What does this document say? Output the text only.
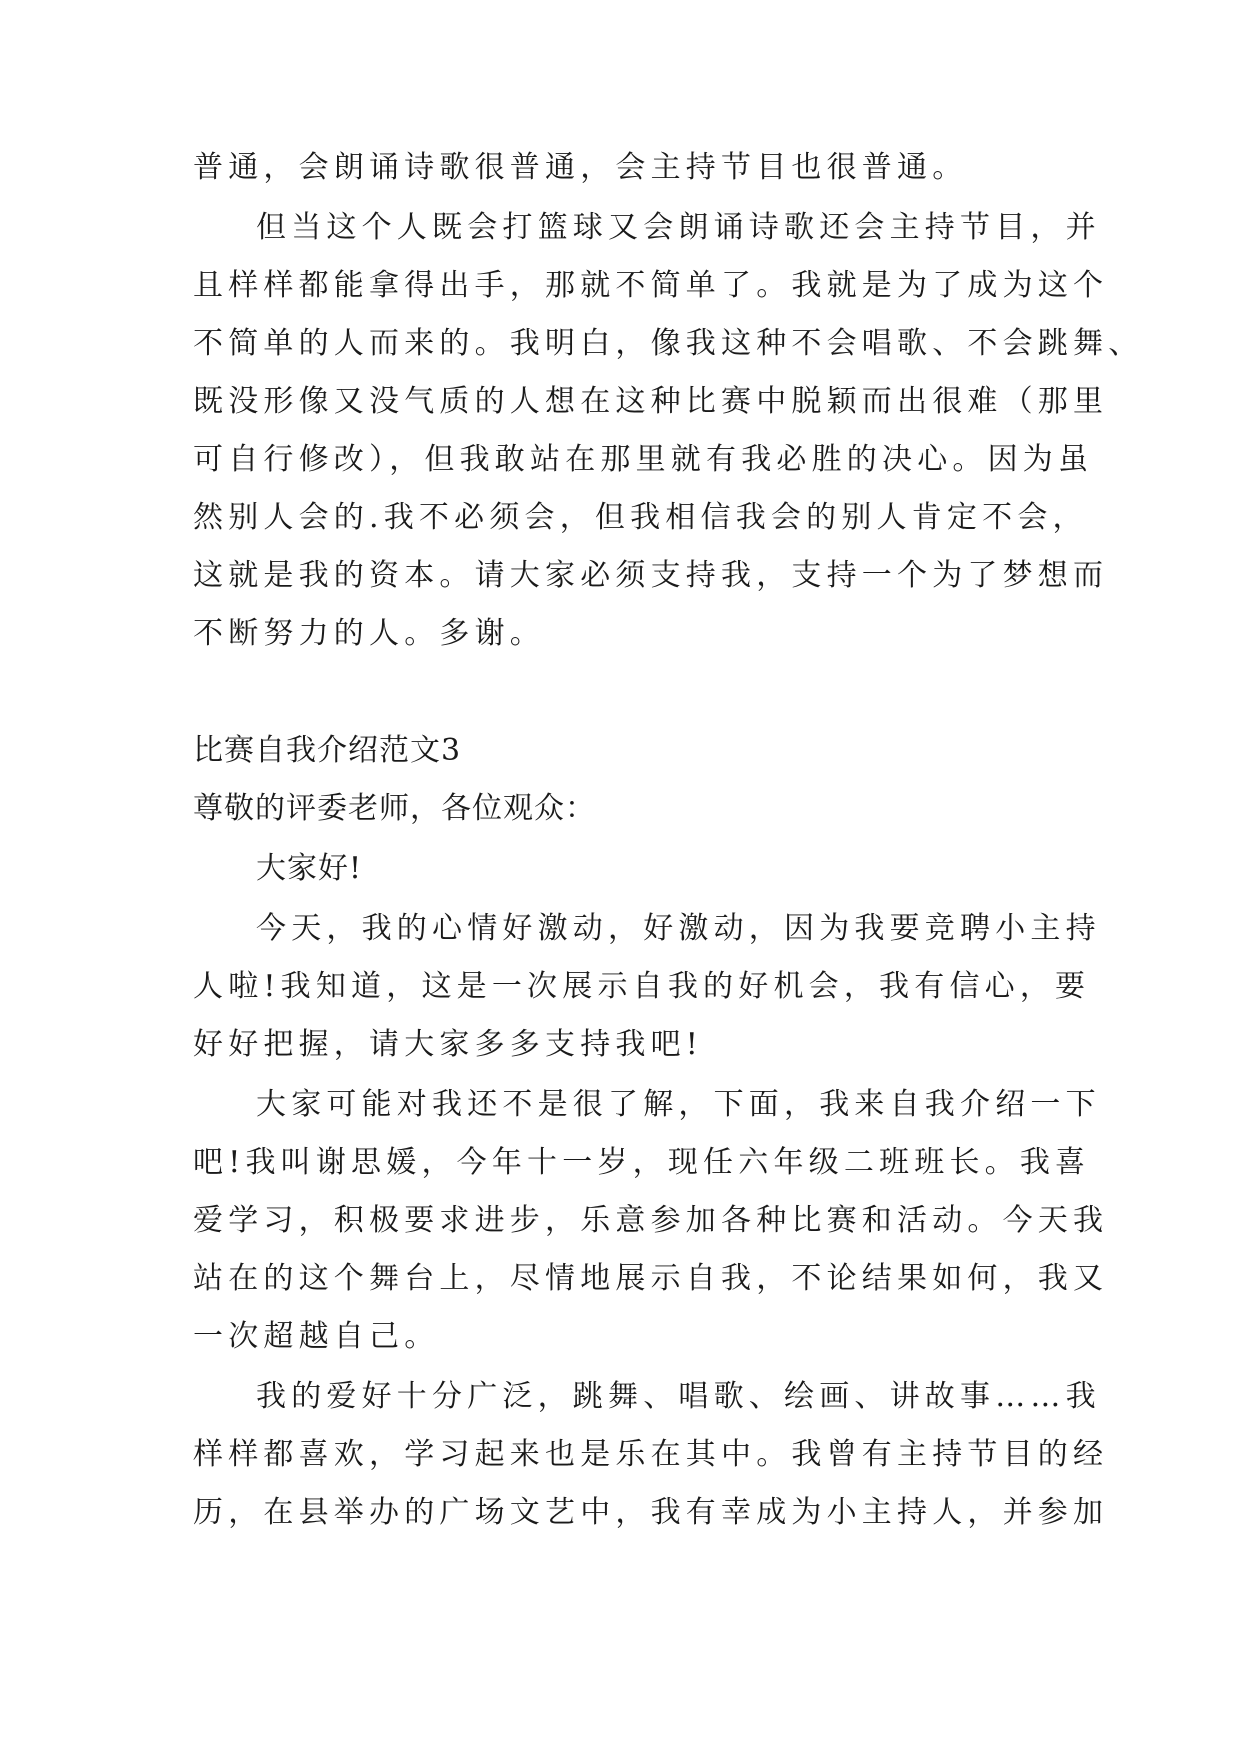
普通，会朗诵诗歌很普通，会主持节目也很普通。
但当这个人既会打篮球又会朗诵诗歌还会主持节目，并
且样样都能拿得出手，那就不简单了。我就是为了成为这个
不简单的人而来的。我明白，像我这种不会唱歌、不会跳舞、
既没形像又没气质的人想在这种比赛中脱颖而出很难（那里
可自行修改），但我敢站在那里就有我必胜的决心。因为虽
然别人会的.我不必须会，但我相信我会的别人肯定不会，
这就是我的资本。请大家必须支持我，支持一个为了梦想而
不断努力的人。多谢。
比赛自我介绍范文3
尊敬的评委老师，各位观众：
大家好!
今天，我的心情好激动，好激动，因为我要竞聘小主持
人啦!我知道，这是一次展示自我的好机会，我有信心，要
好好把握，请大家多多支持我吧!
大家可能对我还不是很了解，下面，我来自我介绍一下
吧!我叫谢思媛，今年十一岁，现任六年级二班班长。我喜
爱学习，积极要求进步，乐意参加各种比赛和活动。今天我
站在的这个舞台上，尽情地展示自我，不论结果如何，我又
一次超越自己。
我的爱好十分广泛，跳舞、唱歌、绘画、讲故事……我
样样都喜欢，学习起来也是乐在其中。我曾有主持节目的经
历，在县举办的广场文艺中，我有幸成为小主持人，并参加
